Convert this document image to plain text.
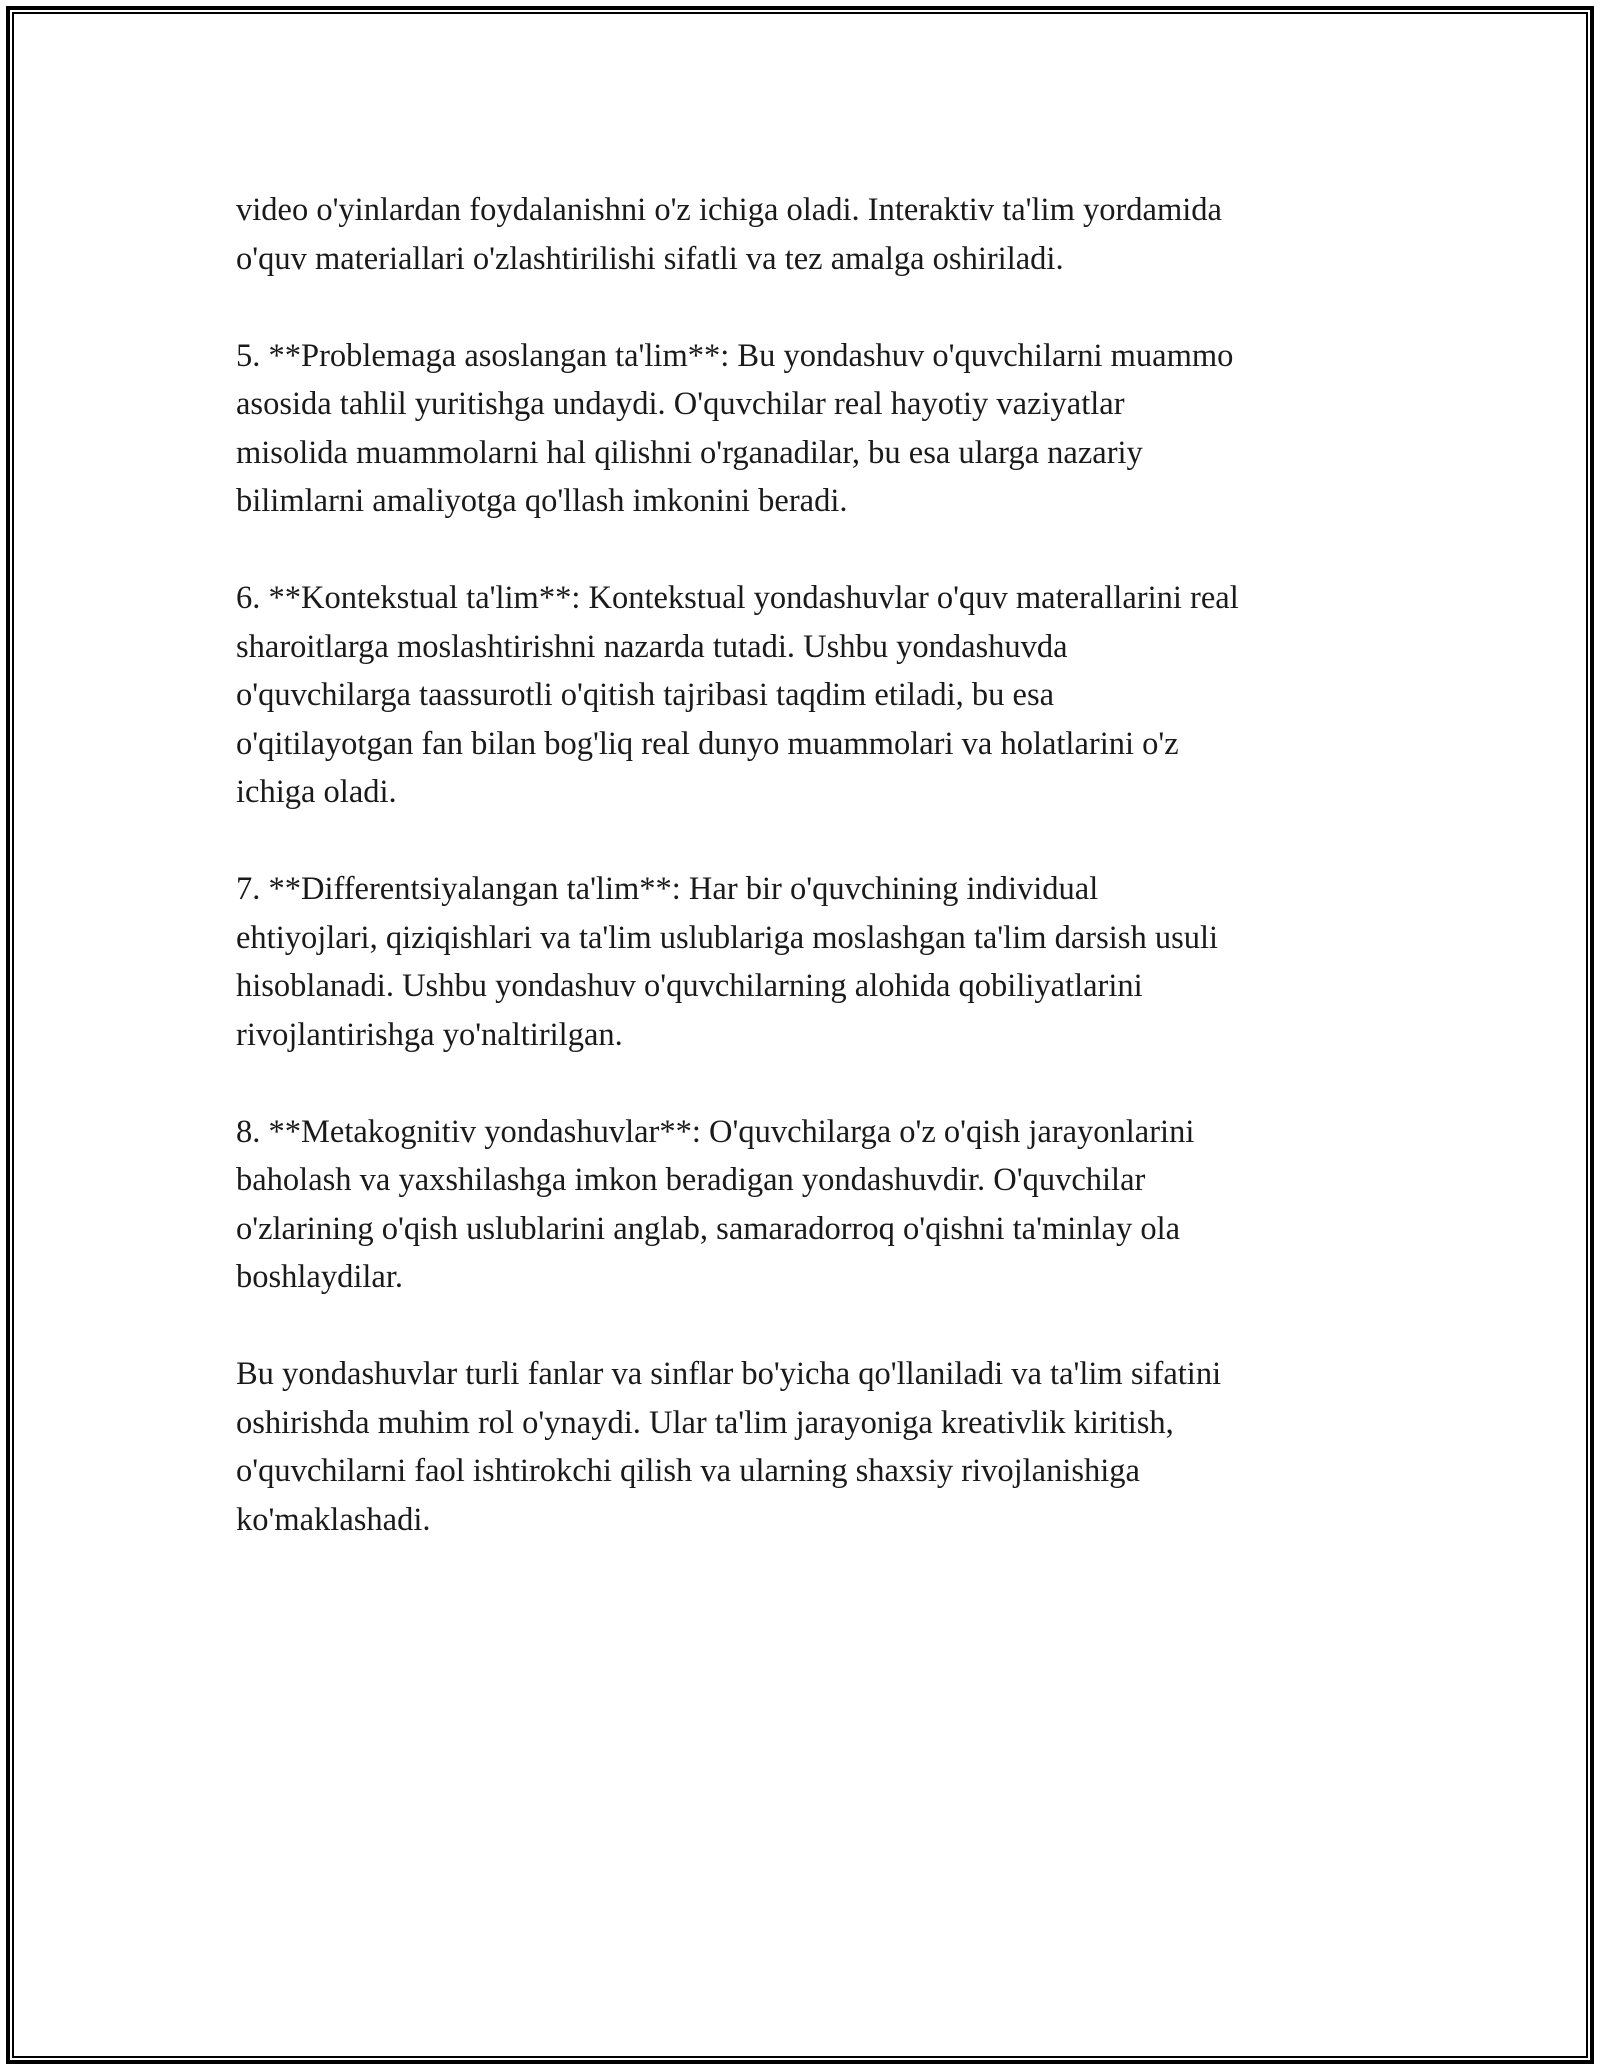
video o'yinlardan foydalanishni o'z ichiga oladi. Interaktiv ta'lim yordamida
o'quv materiallari o'zlashtirilishi sifatli va tez amalga oshiriladi.

5. **Problemaga asoslangan ta'lim**: Bu yondashuv o'quvchilarni muammo
asosida tahlil yuritishga undaydi. O'quvchilar real hayotiy vaziyatlar
misolida muammolarni hal qilishni o'rganadilar, bu esa ularga nazariy
bilimlarni amaliyotga qo'llash imkonini beradi.

6. **Kontekstual ta'lim**: Kontekstual yondashuvlar o'quv materallarini real
sharoitlarga moslashtirishni nazarda tutadi. Ushbu yondashuvda
o'quvchilarga taassurotli o'qitish tajribasi taqdim etiladi, bu esa
o'qitilayotgan fan bilan bog'liq real dunyo muammolari va holatlarini o'z
ichiga oladi.

7. **Differentsiyalangan ta'lim**: Har bir o'quvchining individual
ehtiyojlari, qiziqishlari va ta'lim uslublariga moslashgan ta'lim darsish usuli
hisoblanadi. Ushbu yondashuv o'quvchilarning alohida qobiliyatlarini
rivojlantirishga yo'naltirilgan.

8. **Metakognitiv yondashuvlar**: O'quvchilarga o'z o'qish jarayonlarini
baholash va yaxshilashga imkon beradigan yondashuvdir. O'quvchilar
o'zlarining o'qish uslublarini anglab, samaradorroq o'qishni ta'minlay ola
boshlaydilar.

Bu yondashuvlar turli fanlar va sinflar bo'yicha qo'llaniladi va ta'lim sifatini
oshirishda muhim rol o'ynaydi. Ular ta'lim jarayoniga kreativlik kiritish,
o'quvchilarni faol ishtirokchi qilish va ularning shaxsiy rivojlanishiga
ko'maklashadi.
